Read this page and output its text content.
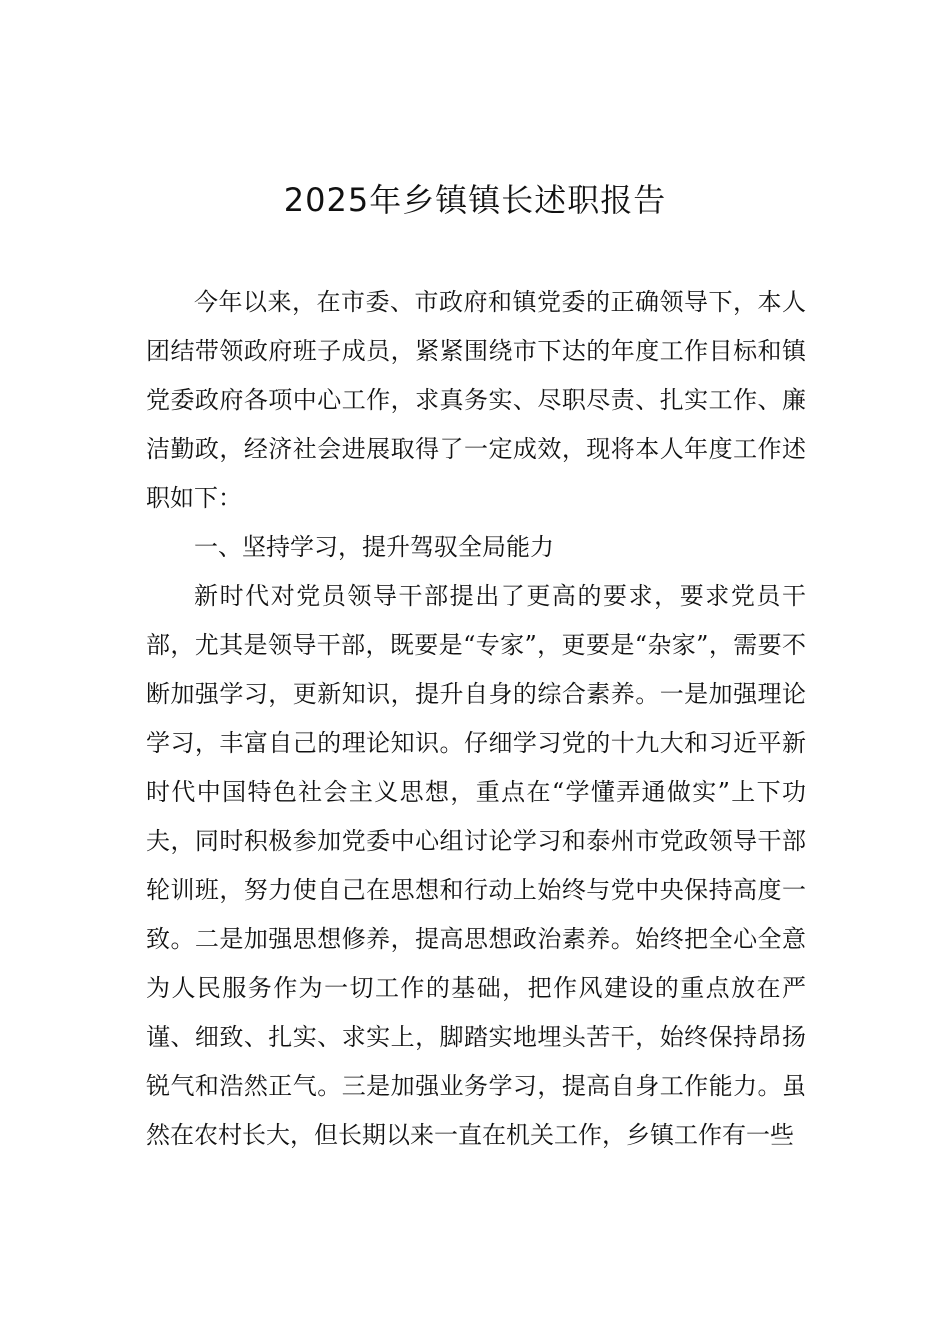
2025年乡镇镇长述职报告

今年以来，在市委、市政府和镇党委的正确领导下，本人团结带领政府班子成员，紧紧围绕市下达的年度工作目标和镇党委政府各项中心工作，求真务实、尽职尽责、扎实工作、廉洁勤政，经济社会进展取得了一定成效，现将本人年度工作述职如下：

一、坚持学习，提升驾驭全局能力

新时代对党员领导干部提出了更高的要求，要求党员干部，尤其是领导干部，既要是“专家”，更要是“杂家”，需要不断加强学习，更新知识，提升自身的综合素养。一是加强理论学习，丰富自己的理论知识。仔细学习党的十九大和习近平新时代中国特色社会主义思想，重点在“学懂弄通做实”上下功夫，同时积极参加党委中心组讨论学习和泰州市党政领导干部轮训班，努力使自己在思想和行动上始终与党中央保持高度一致。二是加强思想修养，提高思想政治素养。始终把全心全意为人民服务作为一切工作的基础，把作风建设的重点放在严谨、细致、扎实、求实上，脚踏实地埋头苦干，始终保持昂扬锐气和浩然正气。三是加强业务学习，提高自身工作能力。虽然在农村长大，但长期以来一直在机关工作，乡镇工作有一些
